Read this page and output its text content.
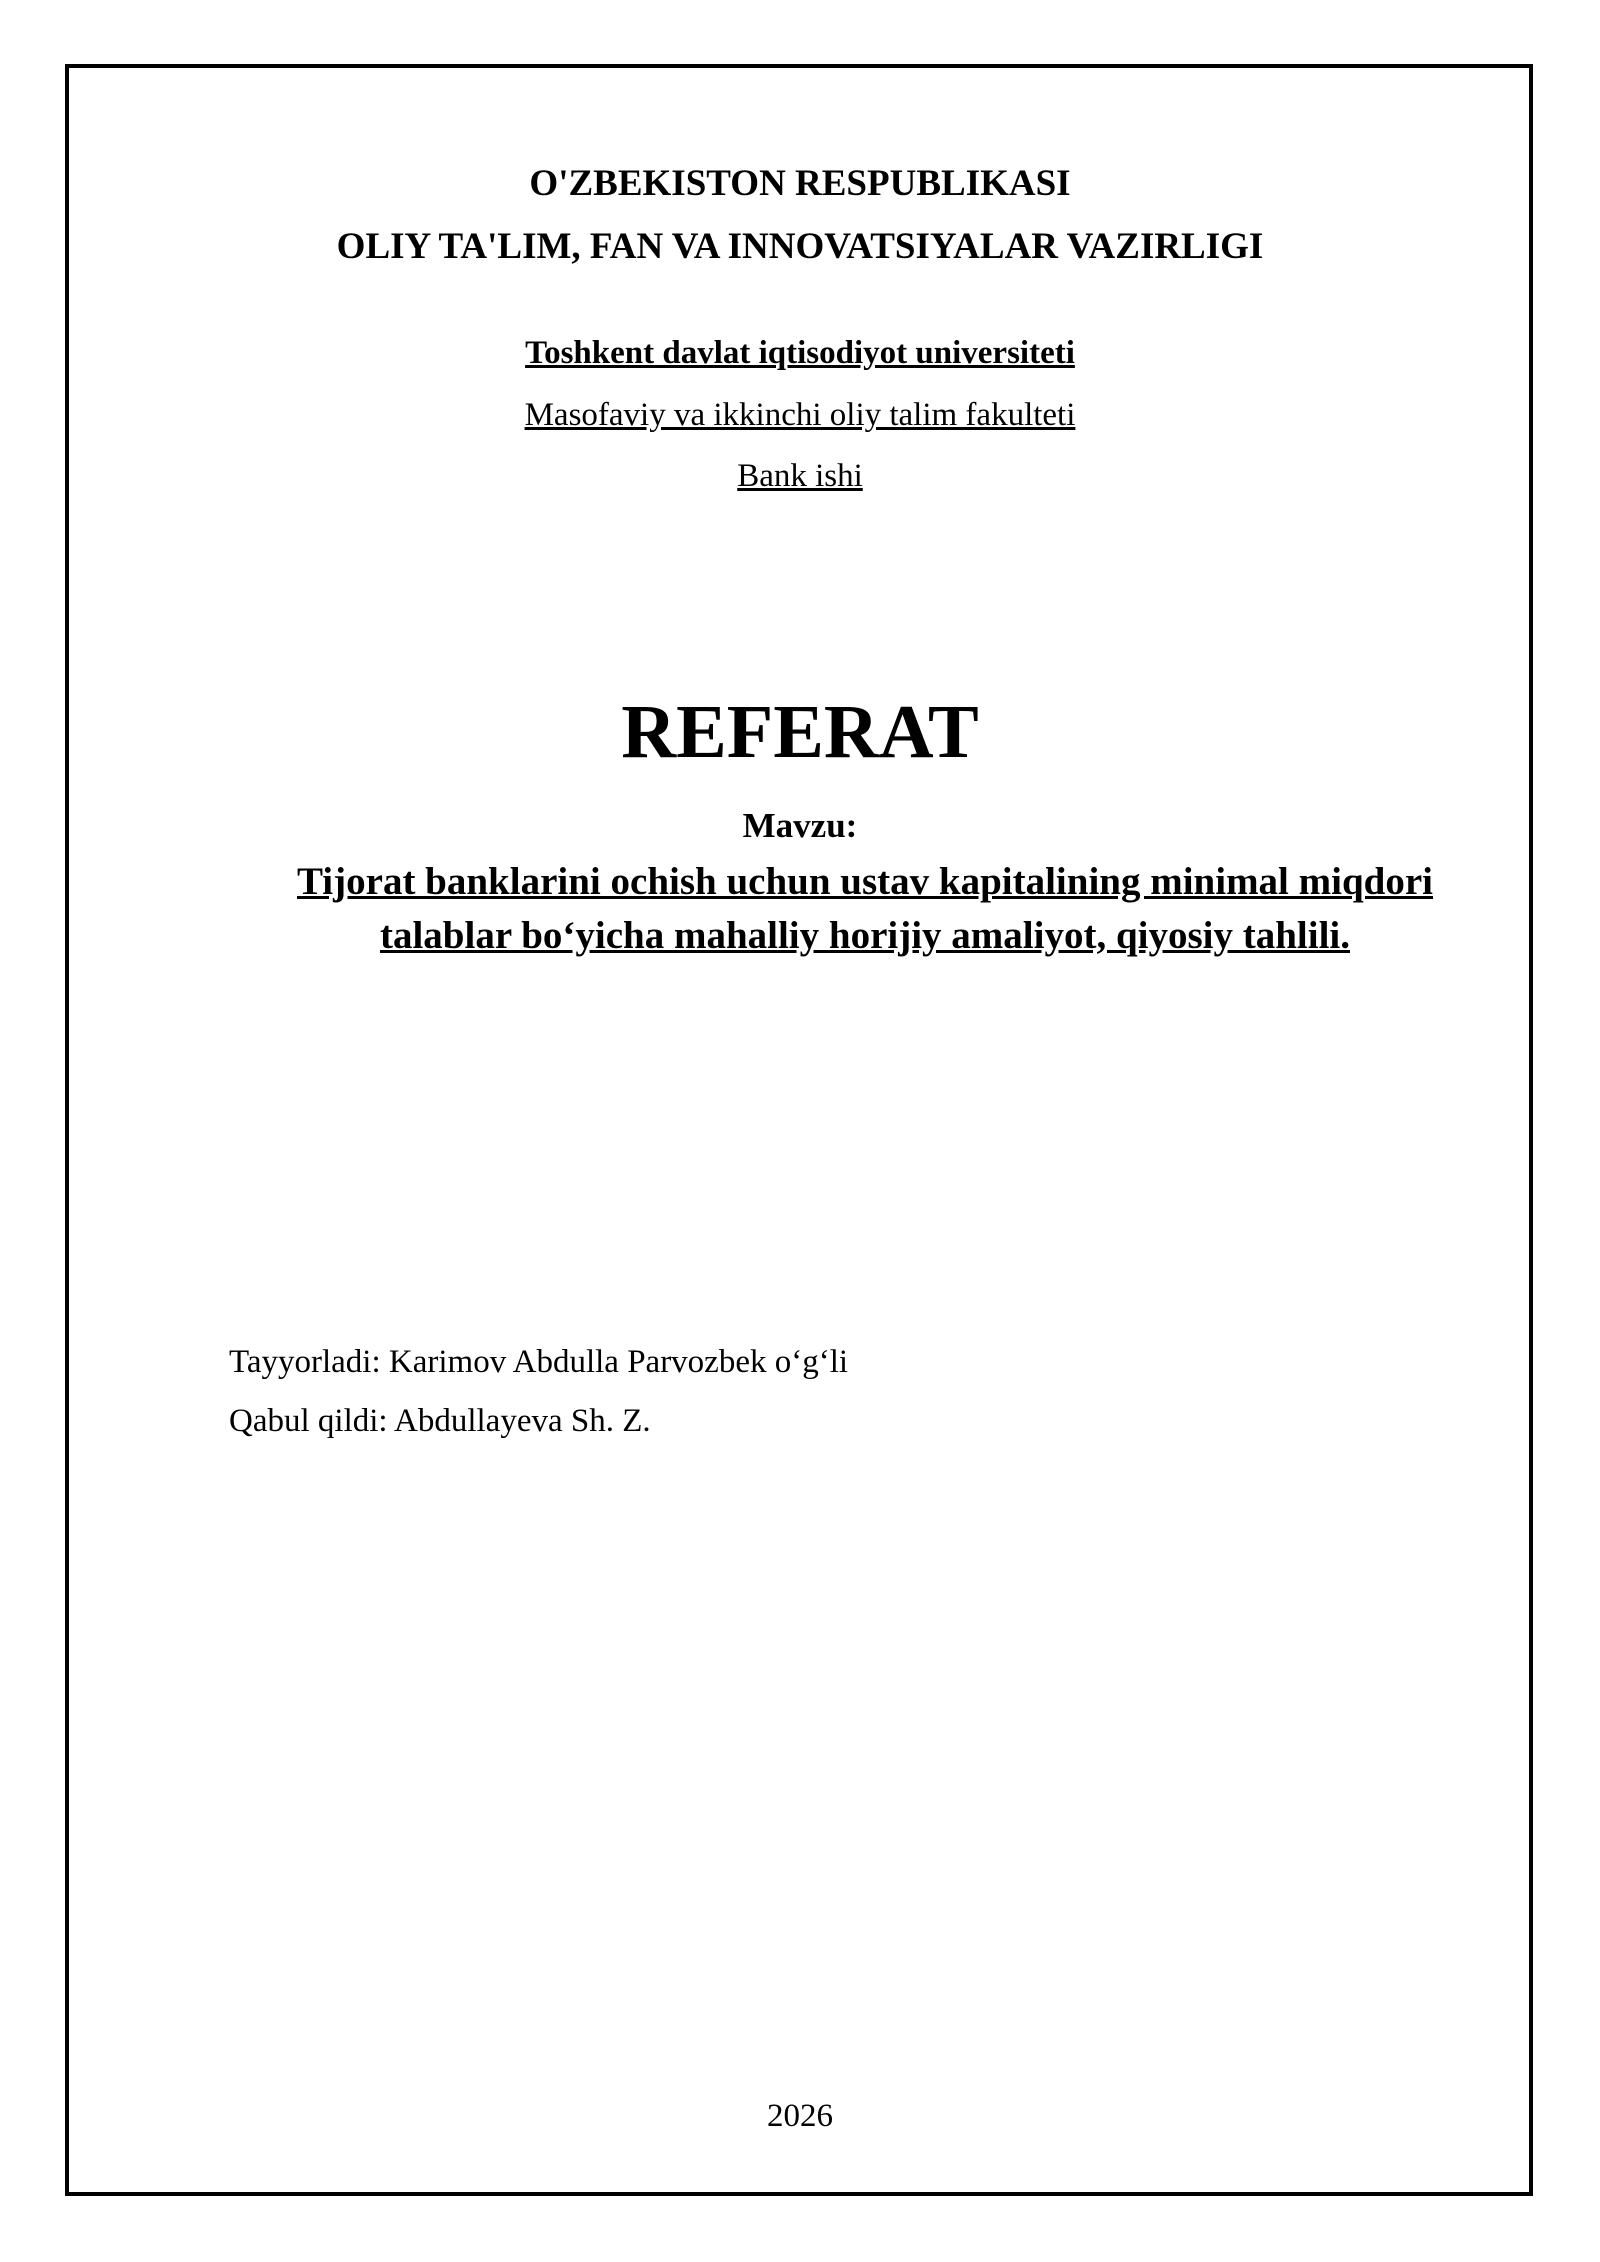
O'ZBEKISTON RESPUBLIKASI
OLIY TA'LIM, FAN VA INNOVATSIYALAR VAZIRLIGI
Toshkent davlat iqtisodiyot universiteti
Masofaviy va ikkinchi oliy talim fakulteti
Bank ishi
REFERAT
Mavzu:
Tijorat banklarini ochish uchun ustav kapitalining minimal miqdori
talablar bo‘yicha mahalliy horijiy amaliyot, qiyosiy tahlili.
Tayyorladi: Karimov Abdulla Parvozbek o‘g‘li
Qabul qildi: Abdullayeva Sh. Z.
2026
